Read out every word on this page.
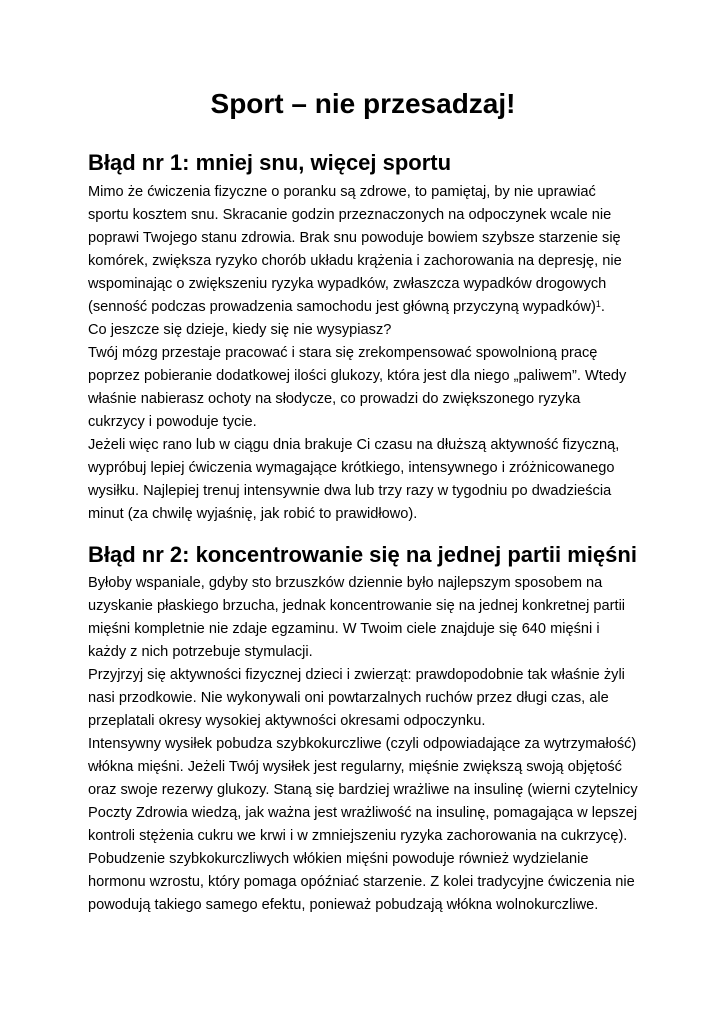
Sport – nie przesadzaj!
Błąd nr 1: mniej snu, więcej sportu

Mimo że ćwiczenia fizyczne o poranku są zdrowe, to pamiętaj, by nie uprawiać

sportu kosztem snu. Skracanie godzin przeznaczonych na odpoczynek wcale nie

poprawi Twojego stanu zdrowia. Brak snu powoduje bowiem szybsze starzenie się

komórek, zwiększa ryzyko chorób układu krążenia i zachorowania na depresję, nie

wspominając o zwiększeniu ryzyka wypadków, zwłaszcza wypadków drogowych

(senność podczas prowadzenia samochodu jest główną przyczyną wypadków)$^1$.

Co jeszcze się dzieje, kiedy się nie wysypiasz?

Twój mózg przestaje pracować i stara się zrekompensować spowolnioną pracę

poprzez pobieranie dodatkowej ilości glukozy, która jest dla niego „paliwem”. Wtedy

właśnie nabierasz ochoty na słodycze, co prowadzi do zwiększonego ryzyka

cukrzycy i powoduje tycie.

Jeżeli więc rano lub w ciągu dnia brakuje Ci czasu na dłuższą aktywność fizyczną,

wypróbuj lepiej ćwiczenia wymagające krótkiego, intensywnego i zróżnicowanego

wysiłku. Najlepiej trenuj intensywnie dwa lub trzy razy w tygodniu po dwadzieścia

minut (za chwilę wyjaśnię, jak robić to prawidłowo).

Błąd nr 2: koncentrowanie się na jednej partii mięśni

Byłoby wspaniale, gdyby sto brzuszków dziennie było najlepszym sposobem na

uzyskanie płaskiego brzucha, jednak koncentrowanie się na jednej konkretnej partii

mięśni kompletnie nie zdaje egzaminu. W Twoim ciele znajduje się 640 mięśni i

każdy z nich potrzebuje stymulacji.

Przyjrzyj się aktywności fizycznej dzieci i zwierząt: prawdopodobnie tak właśnie żyli

nasi przodkowie. Nie wykonywali oni powtarzalnych ruchów przez długi czas, ale

przeplatali okresy wysokiej aktywności okresami odpoczynku.

Intensywny wysiłek pobudza szybkokurczliwe (czyli odpowiadające za wytrzymałość)

włókna mięśni. Jeżeli Twój wysiłek jest regularny, mięśnie zwiększą swoją objętość

oraz swoje rezerwy glukozy. Staną się bardziej wrażliwe na insulinę (wierni czytelnicy

Poczty Zdrowia wiedzą, jak ważna jest wrażliwość na insulinę, pomagająca w lepszej

kontroli stężenia cukru we krwi i w zmniejszeniu ryzyka zachorowania na cukrzycę).

Pobudzenie szybkokurczliwych włókien mięśni powoduje również wydzielanie

hormonu wzrostu, który pomaga opóźniać starzenie. Z kolei tradycyjne ćwiczenia nie

powodują takiego samego efektu, ponieważ pobudzają włókna wolnokurczliwe.
